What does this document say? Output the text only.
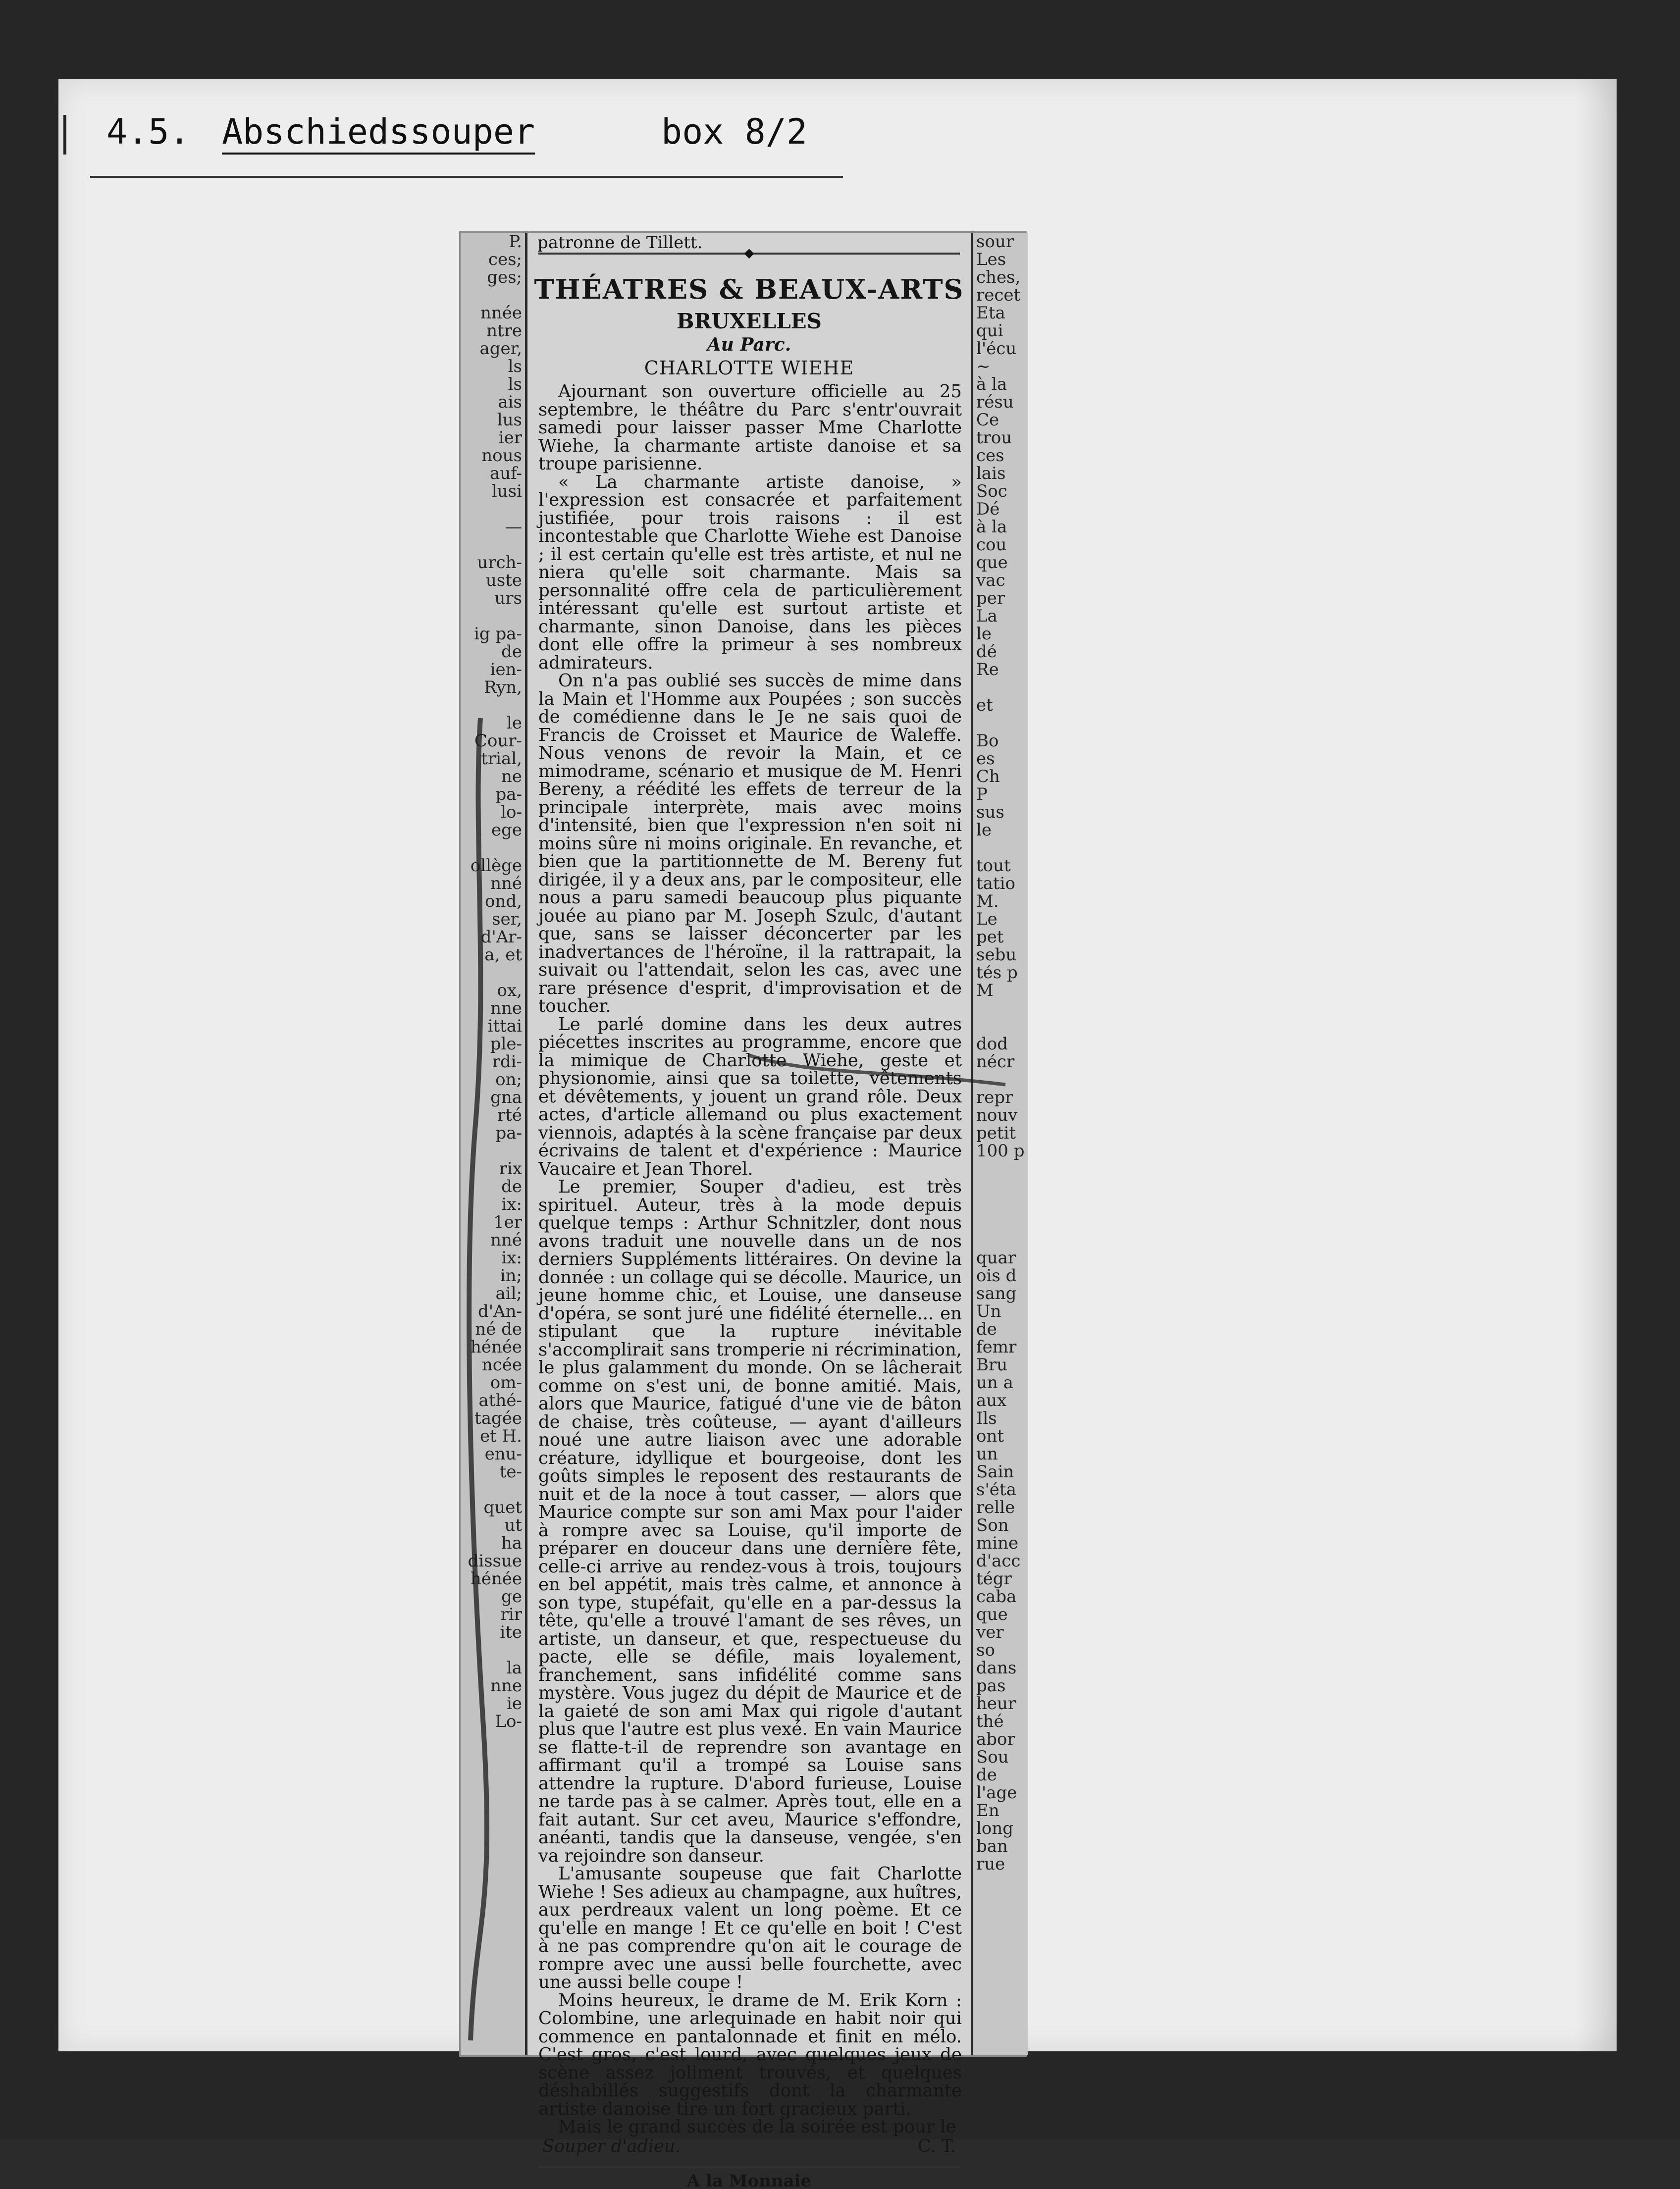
4.5. Abschiedssouper	box 8/2
P.
ces;
ges;

nnée
ntre
ager,
ls
ls
ais
lus
ier
nous
auf-
lusi

—

urch-
uste
urs

ig pa-
de
ien-
Ryn,

le
Cour-
trial,
ne
pa-
lo-
ege

ollège
nné
ond,
ser,
d'Ar-
a, et

ox,
nne
ittai
ple-
rdi-
on;
gna
rté
pa-

rix
de
ix:
1er
nné
ix:
in;
ail;
d'An-
né de
hénée
ncée
om-
athé-
tagée
et H.
enu-
te-

quet
ut
ha
dissue
hénée
ge
rir
ite

la
nne
ie
Lo-
patronne de Tillett.
◆
THÉATRES & BEAUX-ARTS
BRUXELLES
Au Parc.
CHARLOTTE WIEHE

Ajournant son ouverture officielle au 25 septembre, le théâtre du Parc s'entr'ouvrait samedi pour laisser passer Mme Charlotte Wiehe, la charmante artiste danoise et sa troupe parisienne.

« La charmante artiste danoise, » l'expression est consacrée et parfaitement justifiée, pour trois raisons : il est incontestable que Charlotte Wiehe est Danoise ; il est certain qu'elle est très artiste, et nul ne niera qu'elle soit charmante. Mais sa personnalité offre cela de particulièrement intéressant qu'elle est surtout artiste et charmante, sinon Danoise, dans les pièces dont elle offre la primeur à ses nombreux admirateurs.

On n'a pas oublié ses succès de mime dans la Main et l'Homme aux Poupées ; son succès de comédienne dans le Je ne sais quoi de Francis de Croisset et Maurice de Waleffe. Nous venons de revoir la Main, et ce mimodrame, scénario et musique de M. Henri Bereny, a réédité les effets de terreur de la principale interprète, mais avec moins d'intensité, bien que l'expression n'en soit ni moins sûre ni moins originale. En revanche, et bien que la partitionnette de M. Bereny fut dirigée, il y a deux ans, par le compositeur, elle nous a paru samedi beaucoup plus piquante jouée au piano par M. Joseph Szulc, d'autant que, sans se laisser déconcerter par les inadvertances de l'héroïne, il la rattrapait, la suivait ou l'attendait, selon les cas, avec une rare présence d'esprit, d'improvisation et de toucher.

Le parlé domine dans les deux autres piécettes inscrites au programme, encore que la mimique de Charlotte Wiehe, geste et physionomie, ainsi que sa toilette, vêtements et dévêtements, y jouent un grand rôle. Deux actes, d'article allemand ou plus exactement viennois, adaptés à la scène française par deux écrivains de talent et d'expérience : Maurice Vaucaire et Jean Thorel.

Le premier, Souper d'adieu, est très spirituel. Auteur, très à la mode depuis quelque temps : Arthur Schnitzler, dont nous avons traduit une nouvelle dans un de nos derniers Suppléments littéraires. On devine la donnée : un collage qui se décolle. Maurice, un jeune homme chic, et Louise, une danseuse d'opéra, se sont juré une fidélité éternelle... en stipulant que la rupture inévitable s'accomplirait sans tromperie ni récrimination, le plus galamment du monde. On se lâcherait comme on s'est uni, de bonne amitié. Mais, alors que Maurice, fatigué d'une vie de bâton de chaise, très coûteuse, — ayant d'ailleurs noué une autre liaison avec une adorable créature, idyllique et bourgeoise, dont les goûts simples le reposent des restaurants de nuit et de la noce à tout casser, — alors que Maurice compte sur son ami Max pour l'aider à rompre avec sa Louise, qu'il importe de préparer en douceur dans une dernière fête, celle-ci arrive au rendez-vous à trois, toujours en bel appétit, mais très calme, et annonce à son type, stupéfait, qu'elle en a par-dessus la tête, qu'elle a trouvé l'amant de ses rêves, un artiste, un danseur, et que, respectueuse du pacte, elle se défile, mais loyalement, franchement, sans infidélité comme sans mystère. Vous jugez du dépit de Maurice et de la gaieté de son ami Max qui rigole d'autant plus que l'autre est plus vexé. En vain Maurice se flatte-t-il de reprendre son avantage en affirmant qu'il a trompé sa Louise sans attendre la rupture. D'abord furieuse, Louise ne tarde pas à se calmer. Après tout, elle en a fait autant. Sur cet aveu, Maurice s'effondre, anéanti, tandis que la danseuse, vengée, s'en va rejoindre son danseur.

L'amusante soupeuse que fait Charlotte Wiehe ! Ses adieux au champagne, aux huîtres, aux perdreaux valent un long poème. Et ce qu'elle en mange ! Et ce qu'elle en boit ! C'est à ne pas comprendre qu'on ait le courage de rompre avec une aussi belle fourchette, avec une aussi belle coupe !

Moins heureux, le drame de M. Erik Korn : Colombine, une arlequinade en habit noir qui commence en pantalonnade et finit en mélo. C'est gros, c'est lourd, avec quelques jeux de scène assez joliment trouvés, et quelques déshabillés suggestifs dont la charmante artiste danoise tire un fort gracieux parti.

Mais le grand succès de la soirée est pour le

Souper d'adieu.	C. T.
A la Monnaie
sour
Les
ches,
recet
Eta
qui
l'écu
~
à la
résu
Ce
trou
ces
lais
Soc
Dé
à la
cou
que
vac
per
La
le
dé
Re

et

Bo
es
Ch
P
sus
le

tout
tatio
M.
Le
pet
sebu
tés p
M

dod
nécr

repr
nouv
petit
100 p

quar
ois d
sang
Un
de
femr
Bru
un a
aux
Ils
ont
un
Sain
s'éta
relle
Son
mine
d'acc
tégr
caba
que
ver
so
dans
pas
heur
thé
abor
Sou
de
l'age
En
long
ban
rue
